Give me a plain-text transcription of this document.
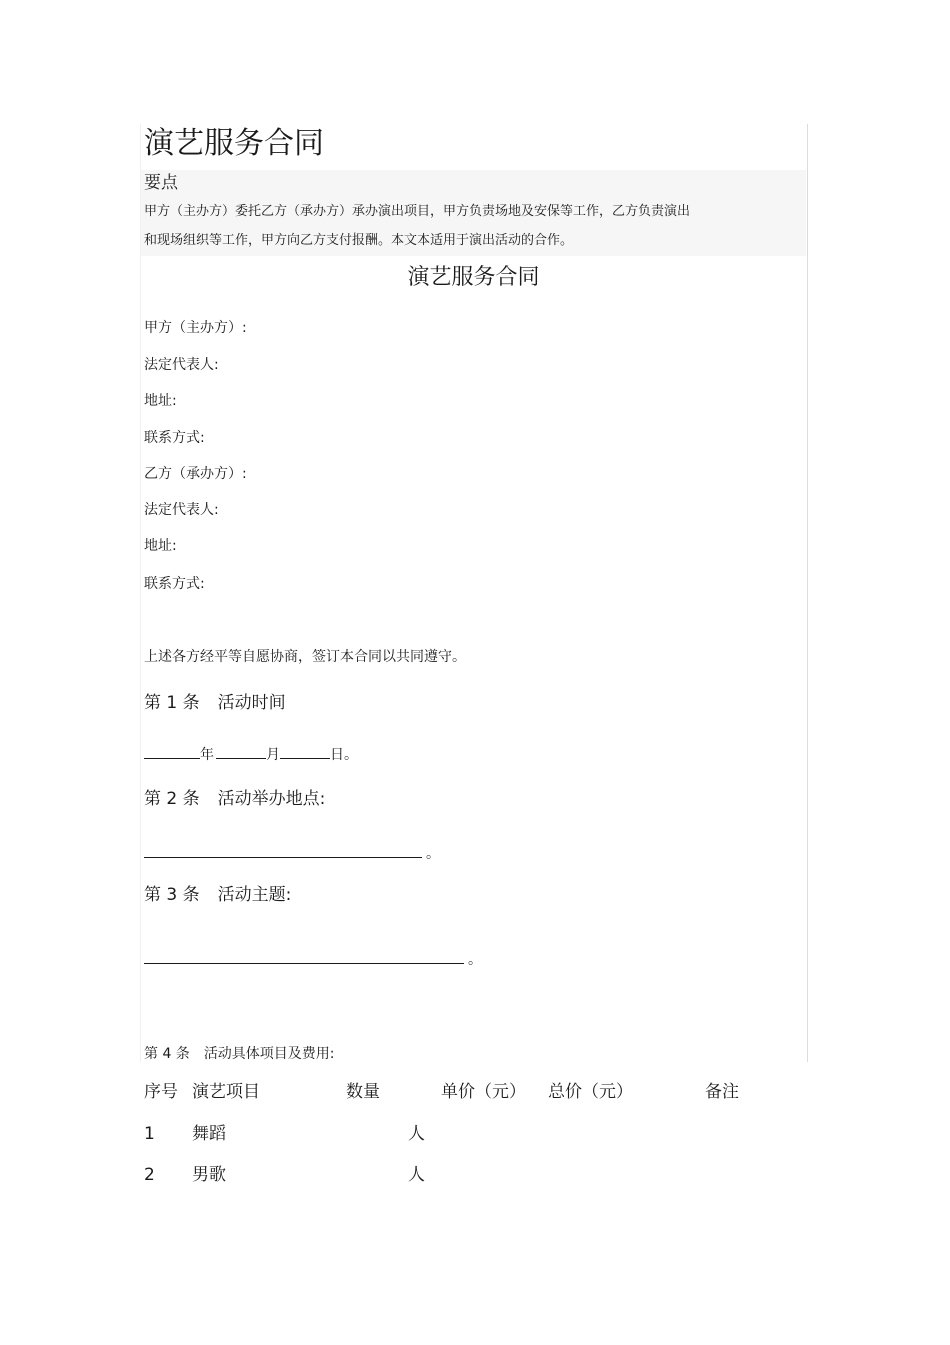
演艺服务合同
要点
甲方（主办方）委托乙方（承办方）承办演出项目，甲方负责场地及安保等工作，乙方负责演出
和现场组织等工作，甲方向乙方支付报酬。本文本适用于演出活动的合作。
演艺服务合同
甲方（主办方）:
法定代表人:
地址:
联系方式:
乙方（承办方）:
法定代表人:
地址:
联系方式:
上述各方经平等自愿协商，签订本合同以共同遵守。
第 1 条 活动时间
年	月	日。
第 2 条 活动举办地点:
。
第 3 条 活动主题:
。
第 4 条 活动具体项目及费用:
序号 演艺项目	数量	单价（元） 总价（元）	备注
1 舞蹈	人
2 男歌	人
